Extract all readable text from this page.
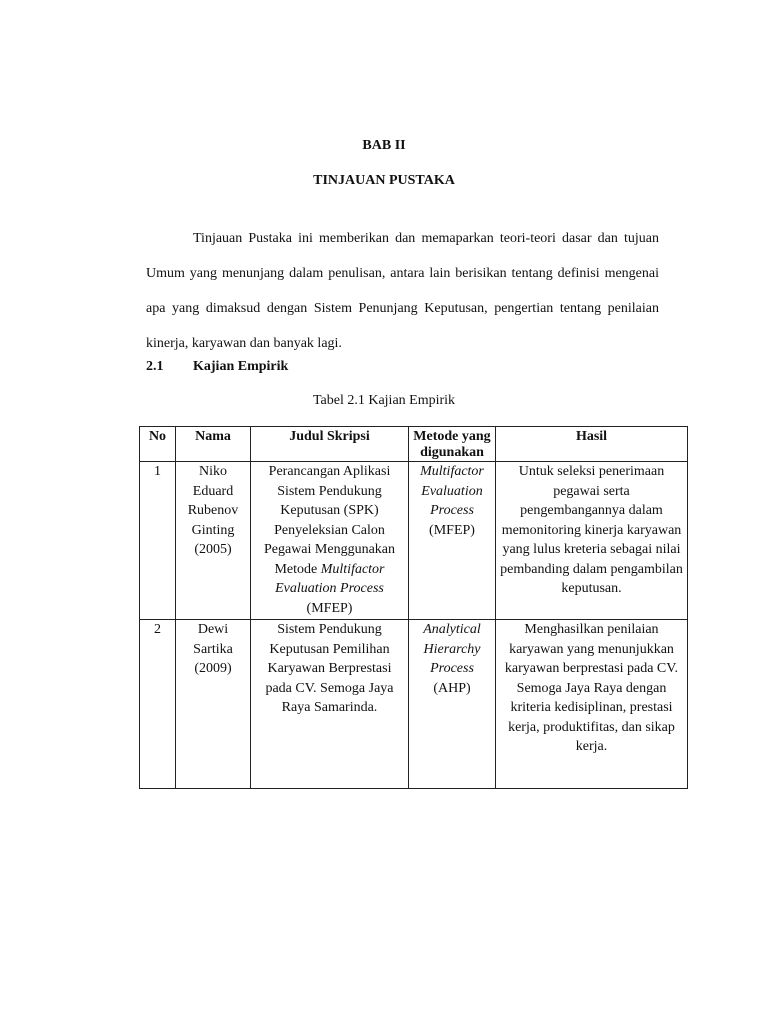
BAB II
TINJAUAN PUSTAKA

Tinjauan Pustaka ini memberikan dan memaparkan teori-teori dasar dan tujuan Umum yang menunjang dalam penulisan, antara lain berisikan tentang definisi mengenai apa yang dimaksud dengan Sistem Penunjang Keputusan, pengertian tentang penilaian kinerja, karyawan dan banyak lagi.

2.1 Kajian Empirik
Tabel 2.1 Kajian Empirik
No	Nama	Judul Skripsi	Metode yang digunakan	Hasil
1	Niko Eduard Rubenov Ginting (2005)	Perancangan Aplikasi Sistem Pendukung Keputusan (SPK) Penyeleksian Calon Pegawai Menggunakan Metode Multifactor Evaluation Process (MFEP)	Multifactor Evaluation Process (MFEP)	Untuk seleksi penerimaan pegawai serta pengembangannya dalam memonitoring kinerja karyawan yang lulus kreteria sebagai nilai pembanding dalam pengambilan keputusan.
2	Dewi Sartika (2009)	Sistem Pendukung Keputusan Pemilihan Karyawan Berprestasi pada CV. Semoga Jaya Raya Samarinda.	Analytical Hierarchy Process (AHP)	Menghasilkan penilaian karyawan yang menunjukkan karyawan berprestasi pada CV. Semoga Jaya Raya dengan kriteria kedisiplinan, prestasi kerja, produktifitas, dan sikap kerja.
